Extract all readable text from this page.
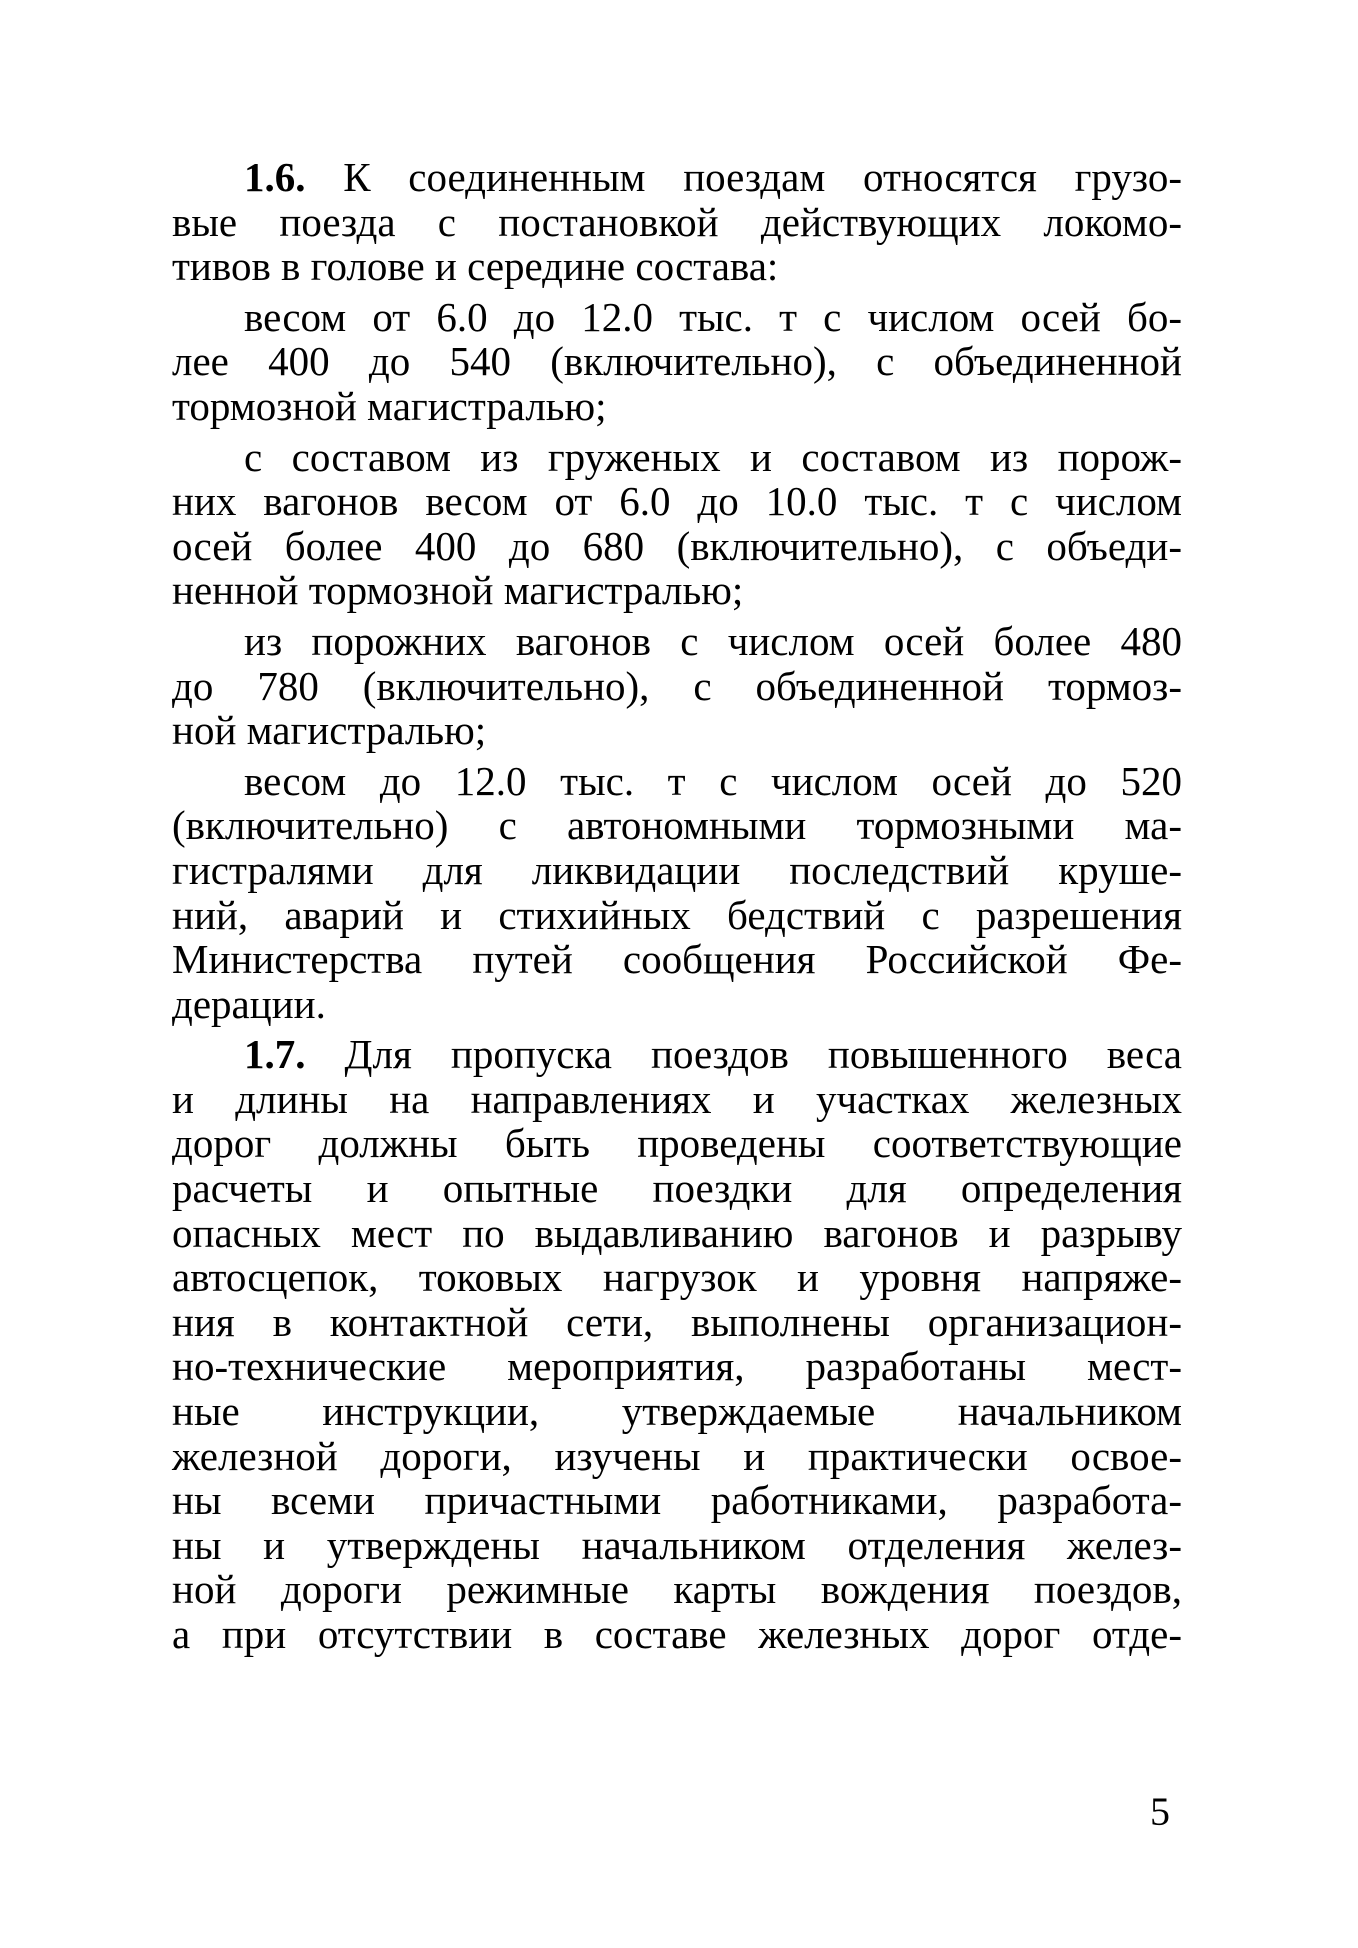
1.6. К соединенным поездам относятся грузо-
вые поезда с постановкой действующих локомо-
тивов в голове и середине состава:
весом от 6.0 до 12.0 тыс. т с числом осей бо-
лее 400 до 540 (включительно), с объединенной
тормозной магистралью;
с составом из груженых и составом из порож-
них вагонов весом от 6.0 до 10.0 тыс. т с числом
осей более 400 до 680 (включительно), с объеди-
ненной тормозной магистралью;
из порожних вагонов с числом осей более 480
до 780 (включительно), с объединенной тормоз-
ной магистралью;
весом до 12.0 тыс. т с числом осей до 520
(включительно) с автономными тормозными ма-
гистралями для ликвидации последствий круше-
ний, аварий и стихийных бедствий с разрешения
Министерства путей сообщения Российской Фе-
дерации.
1.7. Для пропуска поездов повышенного веса
и длины на направлениях и участках железных
дорог должны быть проведены соответствующие
расчеты и опытные поездки для определения
опасных мест по выдавливанию вагонов и разрыву
автосцепок, токовых нагрузок и уровня напряже-
ния в контактной сети, выполнены организацион-
но-технические мероприятия, разработаны мест-
ные инструкции, утверждаемые начальником
железной дороги, изучены и практически освое-
ны всеми причастными работниками, разработа-
ны и утверждены начальником отделения желез-
ной дороги режимные карты вождения поездов,
а при отсутствии в составе железных дорог отде-
5
